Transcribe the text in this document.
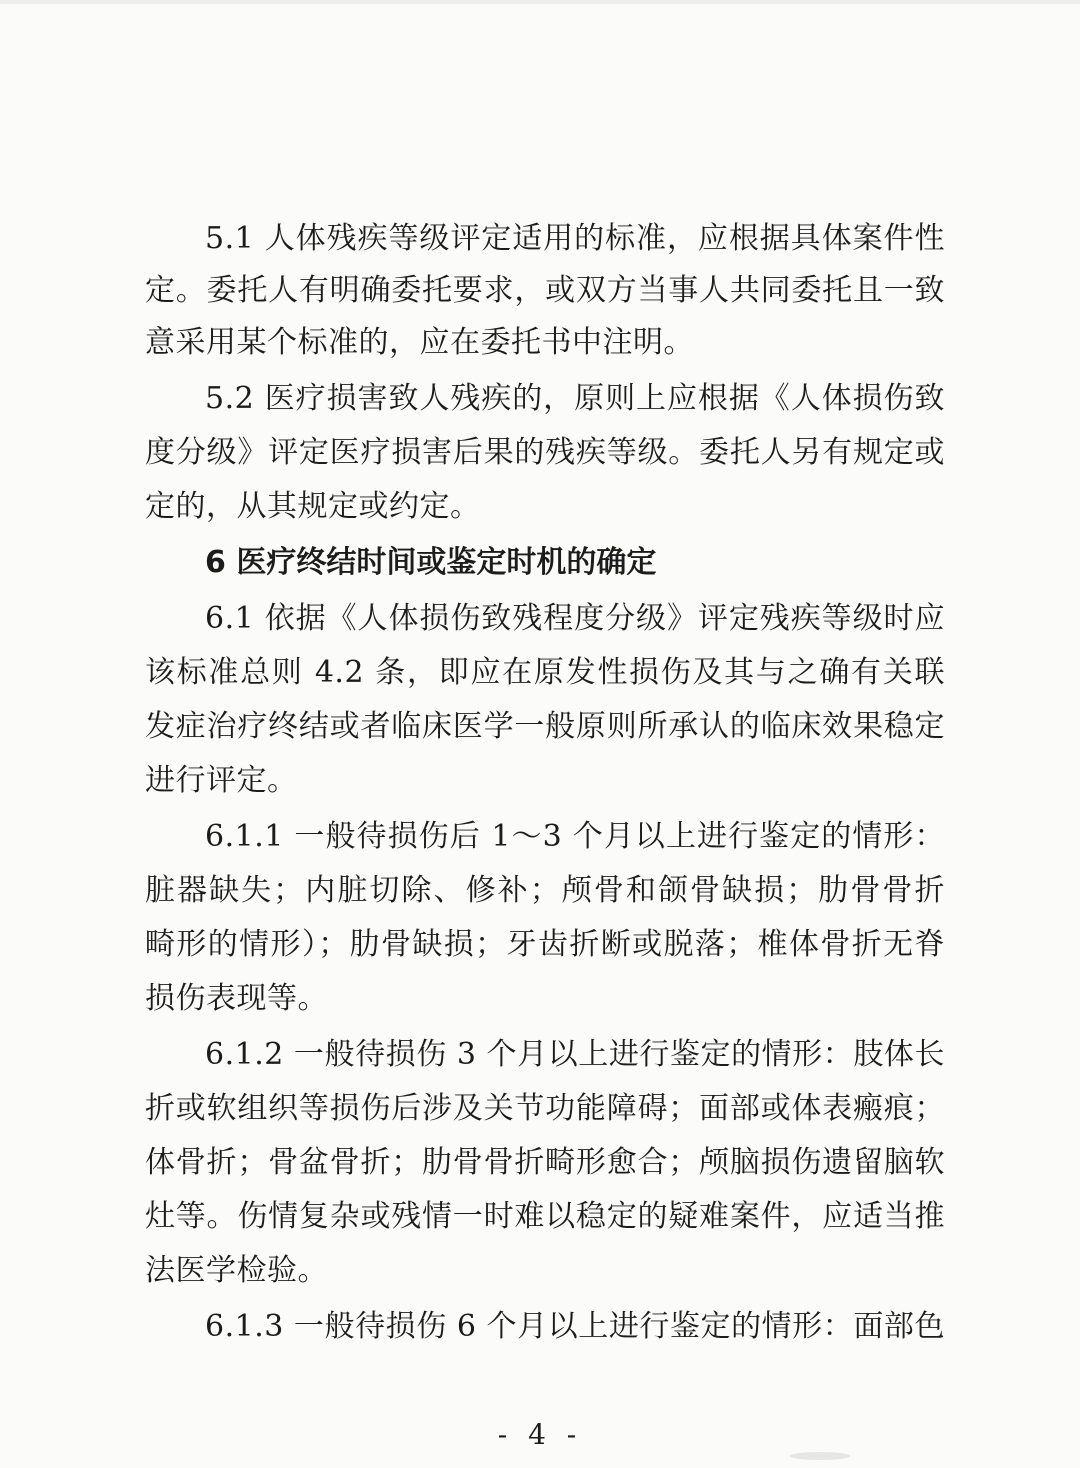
5.1 人体残疾等级评定适用的标准，应根据具体案件性
定。委托人有明确委托要求，或双方当事人共同委托且一致
意采用某个标准的，应在委托书中注明。
5.2 医疗损害致人残疾的，原则上应根据《人体损伤致
度分级》评定医疗损害后果的残疾等级。委托人另有规定或
定的，从其规定或约定。
6 医疗终结时间或鉴定时机的确定
6.1 依据《人体损伤致残程度分级》评定残疾等级时应
该标准总则 4.2 条，即应在原发性损伤及其与之确有关联
发症治疗终结或者临床医学一般原则所承认的临床效果稳定
进行评定。
6.1.1 一般待损伤后 1～3 个月以上进行鉴定的情形：
脏器缺失；内脏切除、修补；颅骨和颌骨缺损；肋骨骨折
畸形的情形）；肋骨缺损；牙齿折断或脱落；椎体骨折无脊
损伤表现等。
6.1.2 一般待损伤 3 个月以上进行鉴定的情形：肢体长
折或软组织等损伤后涉及关节功能障碍；面部或体表瘢痕；
体骨折；骨盆骨折；肋骨骨折畸形愈合；颅脑损伤遗留脑软
灶等。伤情复杂或残情一时难以稳定的疑难案件，应适当推
法医学检验。
6.1.3 一般待损伤 6 个月以上进行鉴定的情形：面部色
- 4 -
